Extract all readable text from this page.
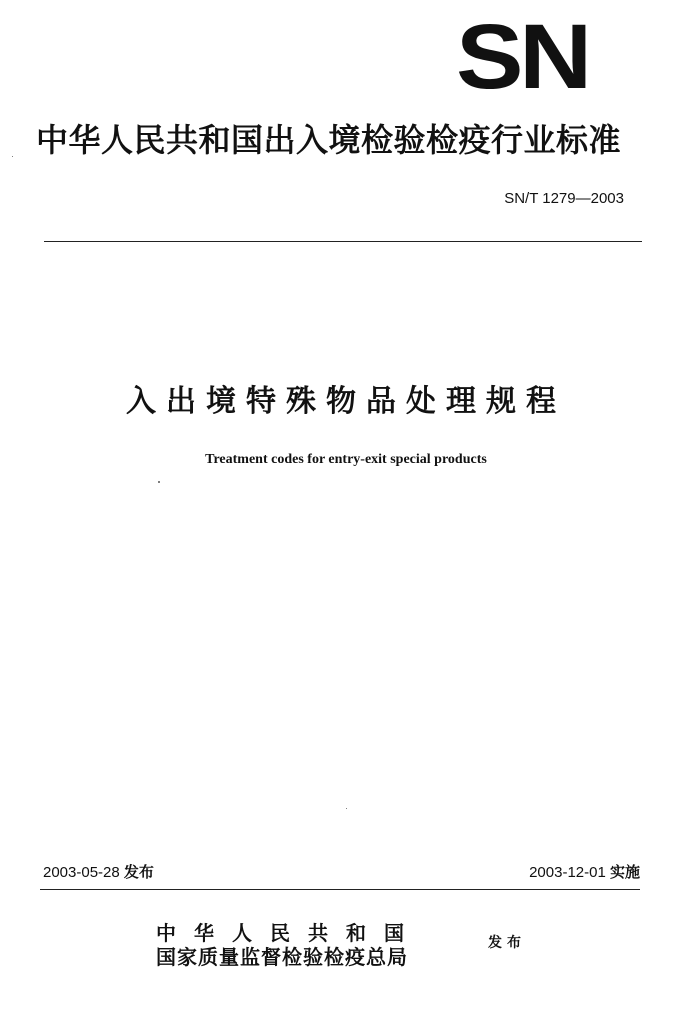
SN
中华人民共和国出入境检验检疫行业标准
SN/T 1279—2003
入出境特殊物品处理规程
Treatment codes for entry-exit special products
2003-05-28 发布	2003-12-01 实施
中华人民共和国
国家质量监督检验检疫总局
发布
